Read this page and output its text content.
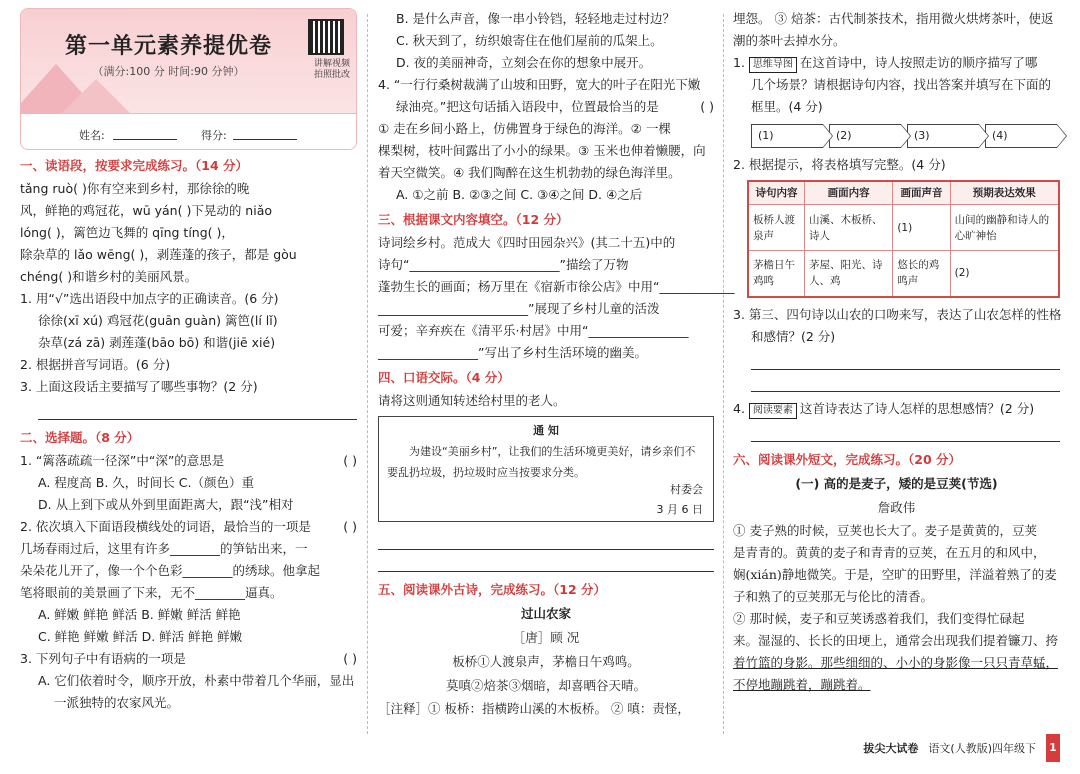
第一单元素养提优卷
（满分:100 分 时间:90 分钟）
讲解视频
拍照批改
姓名:	得分:
一、读语段，按要求完成练习。（14 分）
tǎng ruò( )你有空来到乡村，那徐徐的晚
风，鲜艳的鸡冠花，wū yán( )下晃动的 niǎo
lóng( )，篱笆边飞舞的 qīng tíng( )，
除杂草的 lǎo wēng( )，剥莲蓬的孩子，都是 gòu
chéng( )和谐乡村的美丽风景。
1. 用“√”选出语段中加点字的正确读音。(6 分)
徐徐(xī xú) 鸡冠花(guān guàn) 篱笆(lí lǐ)
杂草(zá zā) 剥莲蓬(bāo bō) 和谐(jiē xié)
2. 根据拼音写词语。(6 分)
3. 上面这段话主要描写了哪些事物？(2 分)
二、选择题。（8 分）
1. “篱落疏疏一径深”中“深”的意思是	( )
A. 程度高 B. 久，时间长 C.（颜色）重
D. 从上到下或从外到里面距离大，跟“浅”相对
2. 依次填入下面语段横线处的词语，最恰当的一项是	( )
几场春雨过后，这里有许多________的笋钻出来，一
朵朵花儿开了，像一个个色彩________的绣球。他拿起
笔将眼前的美景画了下来，无不________逼真。
A. 鲜嫩 鲜艳 鲜活 B. 鲜嫩 鲜活 鲜艳
C. 鲜艳 鲜嫩 鲜活 D. 鲜活 鲜艳 鲜嫩
3. 下列句子中有语病的一项是	( )
A. 它们依着时令，顺序开放，朴素中带着几个华丽，显出
一派独特的农家风光。
B. 是什么声音，像一串小铃铛，轻轻地走过村边？
C. 秋天到了，纺织娘寄住在他们屋前的瓜架上。
D. 夜的美丽神奇，立刻会在你的想象中展开。
4. “一行行桑树裁满了山坡和田野，宽大的叶子在阳光下嫩
绿油亮。”把这句话插入语段中，位置最恰当的是	( )
① 走在乡间小路上，仿佛置身于绿色的海洋。② 一棵
棵梨树，枝叶间露出了小小的绿果。③ 玉米也伸着懒腰，向
着天空微笑。④ 我们陶醉在这生机勃勃的绿色海洋里。
A. ①之前 B. ②③之间 C. ③④之间 D. ④之后
三、根据课文内容填空。（12 分）
诗词绘乡村。范成大《四时田园杂兴》(其二十五)中的
诗句“________________________”描绘了万物
蓬勃生长的画面；杨万里在《宿新市徐公店》中用“____________
________________________”展现了乡村儿童的活泼
可爱；辛弃疾在《清平乐·村居》中用“________________
________________”写出了乡村生活环境的幽美。
四、口语交际。（4 分）
请将这则通知转述给村里的老人。
通 知
为建设“美丽乡村”，让我们的生活环境更美好，请乡亲们不要乱扔垃圾，扔垃圾时应当按要求分类。
村委会
3 月 6 日
五、阅读课外古诗，完成练习。（12 分）
过山农家
［唐］顾 况
板桥①人渡泉声，茅檐日午鸡鸣。
莫嗔②焙茶③烟暗，却喜晒谷天晴。
［注释］① 板桥：指横跨山溪的木板桥。 ② 嗔：责怪，
埋怨。 ③ 焙茶：古代制茶技术，指用微火烘烤茶叶，使返
潮的茶叶去掉水分。
1. 思维导图 在这首诗中，诗人按照走访的顺序描写了哪
几个场景？请根据诗句内容，找出答案并填写在下面的
框里。(4 分)
(1)	(2)	(3)	(4)
2. 根据提示，将表格填写完整。(4 分)
诗句内容	画面内容	画面声音	预期表达效果
板桥人渡泉声	山溪、木板桥、诗人	(1)	山间的幽静和诗人的心旷神怡
茅檐日午鸡鸣	茅屋、阳光、诗人、鸡	悠长的鸡鸣声	(2)
3. 第三、四句诗以山农的口吻来写，表达了山农怎样的性格
和感情？(2 分)
4. 阅读要素 这首诗表达了诗人怎样的思想感情？(2 分)
六、阅读课外短文，完成练习。（20 分）
(一) 高的是麦子，矮的是豆荚(节选)
詹政伟
① 麦子熟的时候，豆荚也长大了。麦子是黄黄的，豆荚
是青青的。黄黄的麦子和青青的豆荚，在五月的和风中，
娴(xián)静地微笑。于是，空旷的田野里，洋溢着熟了的麦
子和熟了的豆荚那无与伦比的清香。
② 那时候，麦子和豆荚诱惑着我们，我们变得忙碌起
来。湿湿的、长长的田埂上，通常会出现我们提着镰刀、挎
着竹篮的身影。那些细细的、小小的身影像一只只青草蜢，
不停地蹦跳着，蹦跳着。
拔尖大试卷 语文(人教版)四年级下 1
